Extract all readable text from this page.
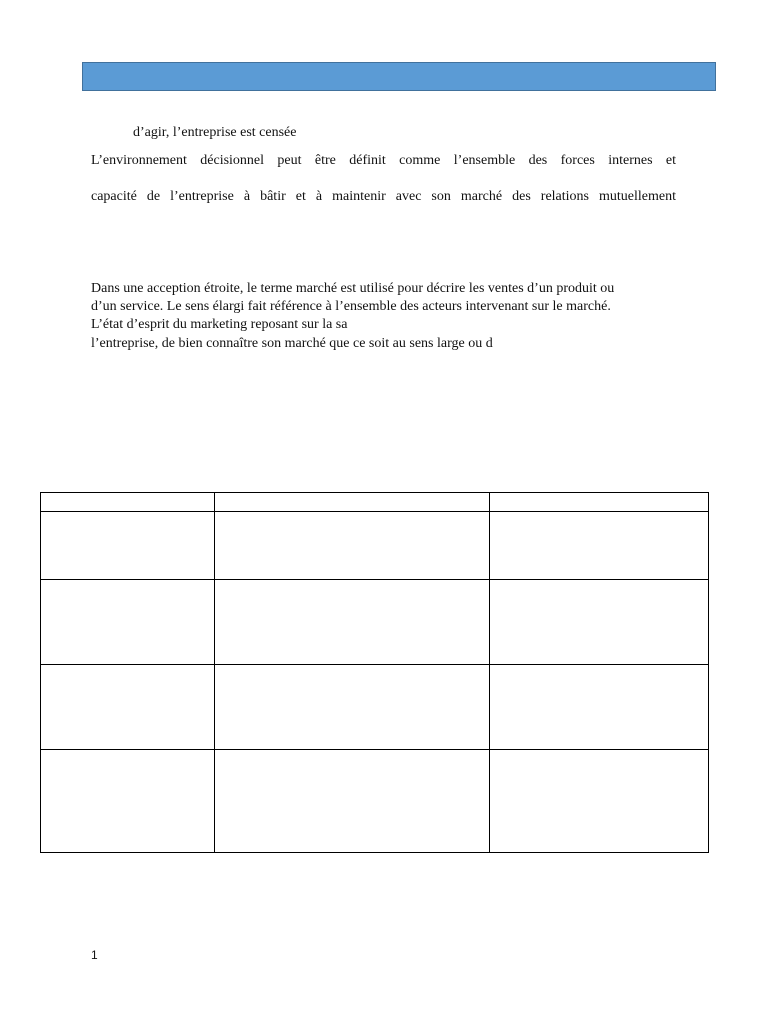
d’agir, l’entreprise est censée
L’environnement décisionnel peut être définit comme l’ensemble des forces internes et
capacité de l’entreprise à bâtir et à maintenir avec son marché des relations mutuellement
Dans une acception étroite, le terme marché est utilisé pour décrire les ventes d’un produit ou
d’un service. Le sens élargi fait référence à l’ensemble des acteurs intervenant sur le marché.
L’état d’esprit du marketing reposant sur la sa
l’entreprise, de bien connaître son marché que ce soit au sens large ou d

1
